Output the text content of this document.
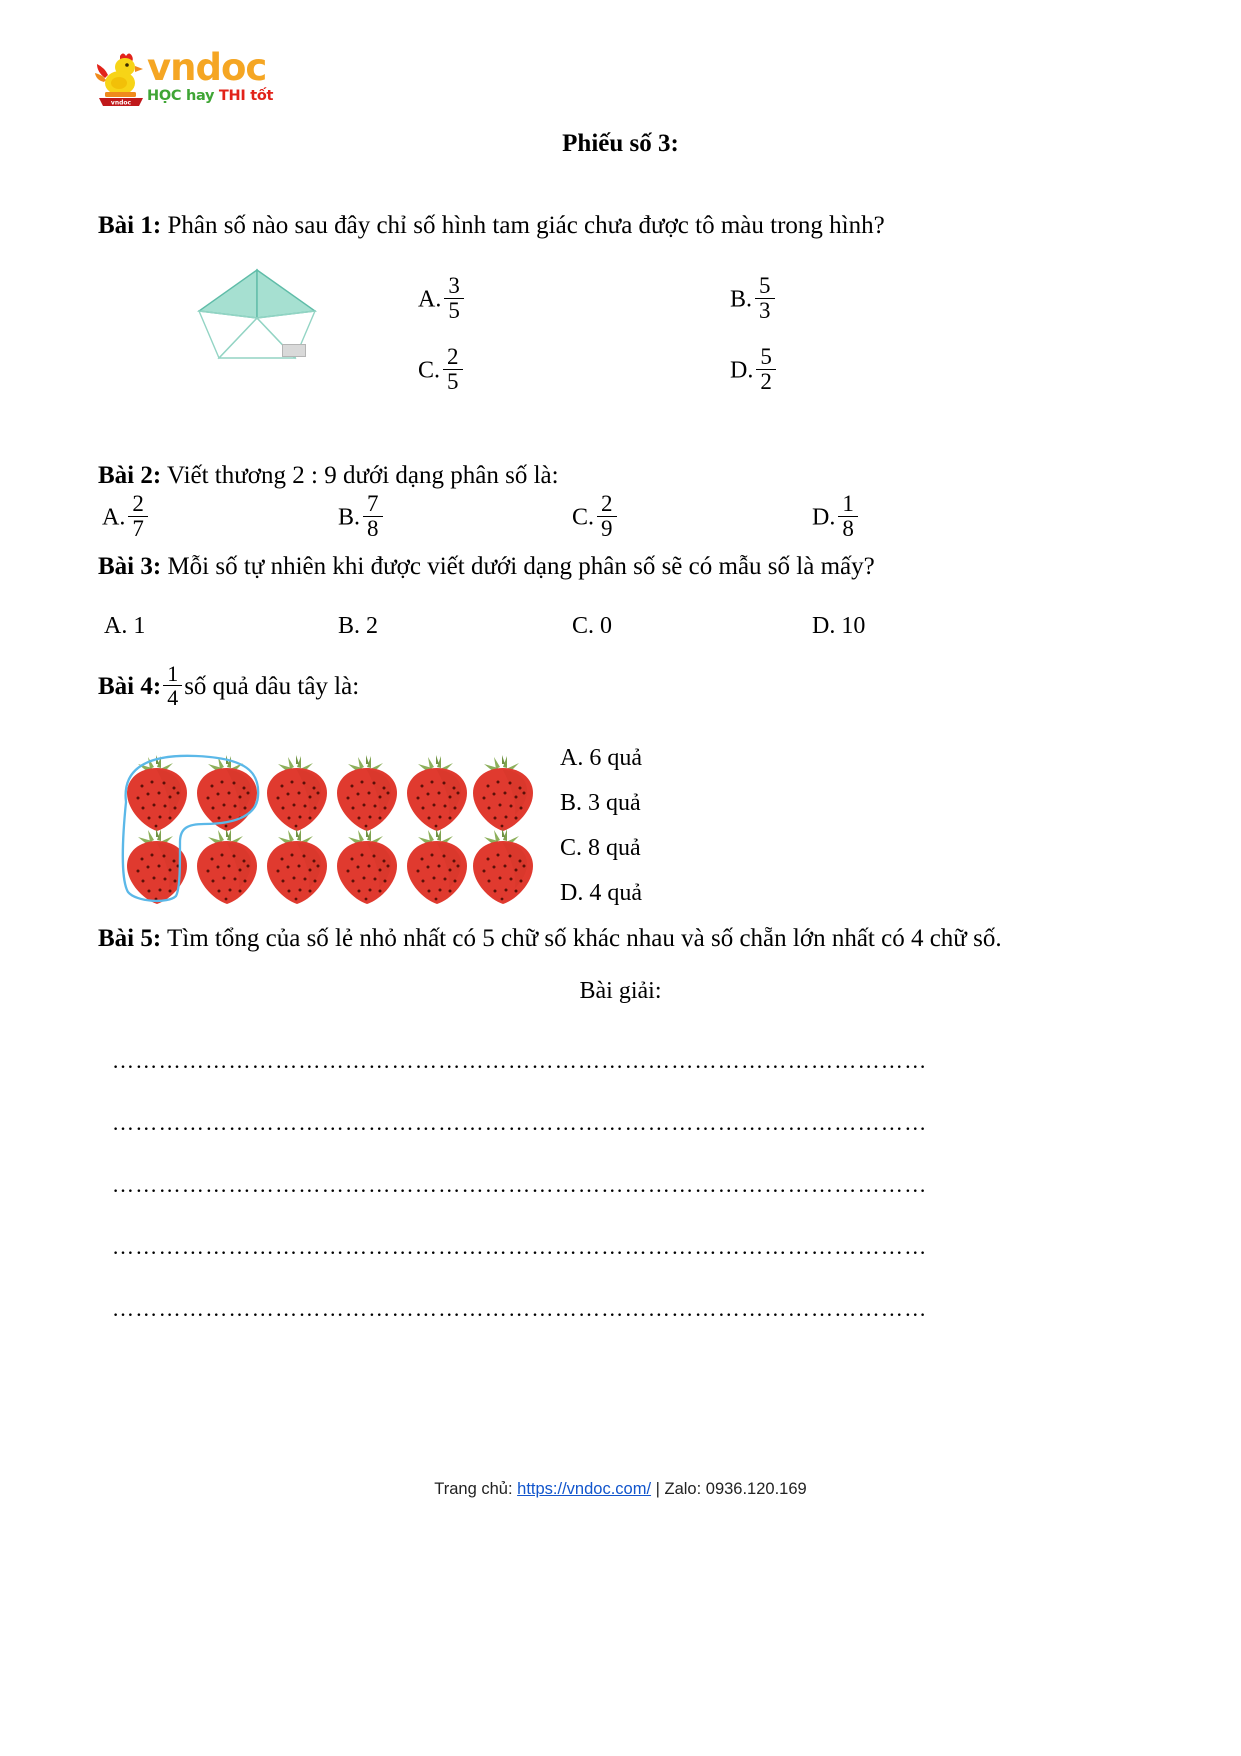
vndoc
vndoc
HỌC hay THI tốt
Phiếu số 3:
Bài 1: Phân số nào sau đây chỉ số hình tam giác chưa được tô màu trong hình?
A. $\frac{3}{5}$	B. $\frac{5}{3}$
C. $\frac{2}{5}$	D. $\frac{5}{2}$
Bài 2: Viết thương 2 : 9 dưới dạng phân số là:
A. $\frac{2}{7}$	B. $\frac{7}{8}$	C. $\frac{2}{9}$	D. $\frac{1}{8}$
Bài 3: Mỗi số tự nhiên khi được viết dưới dạng phân số sẽ có mẫu số là mấy?
A. 1	B. 2	C. 0	D. 10
Bài 4: $\frac{1}{4}$ số quả dâu tây là:
A. 6 quả
B. 3 quả
C. 8 quả
D. 4 quả
Bài 5: Tìm tổng của số lẻ nhỏ nhất có 5 chữ số khác nhau và số chẵn lớn nhất có 4 chữ số.
Bài giải:
……………………………………………………………………………………………
……………………………………………………………………………………………
……………………………………………………………………………………………
……………………………………………………………………………………………
……………………………………………………………………………………………
Trang chủ: https://vndoc.com/ | Zalo: 0936.120.169
